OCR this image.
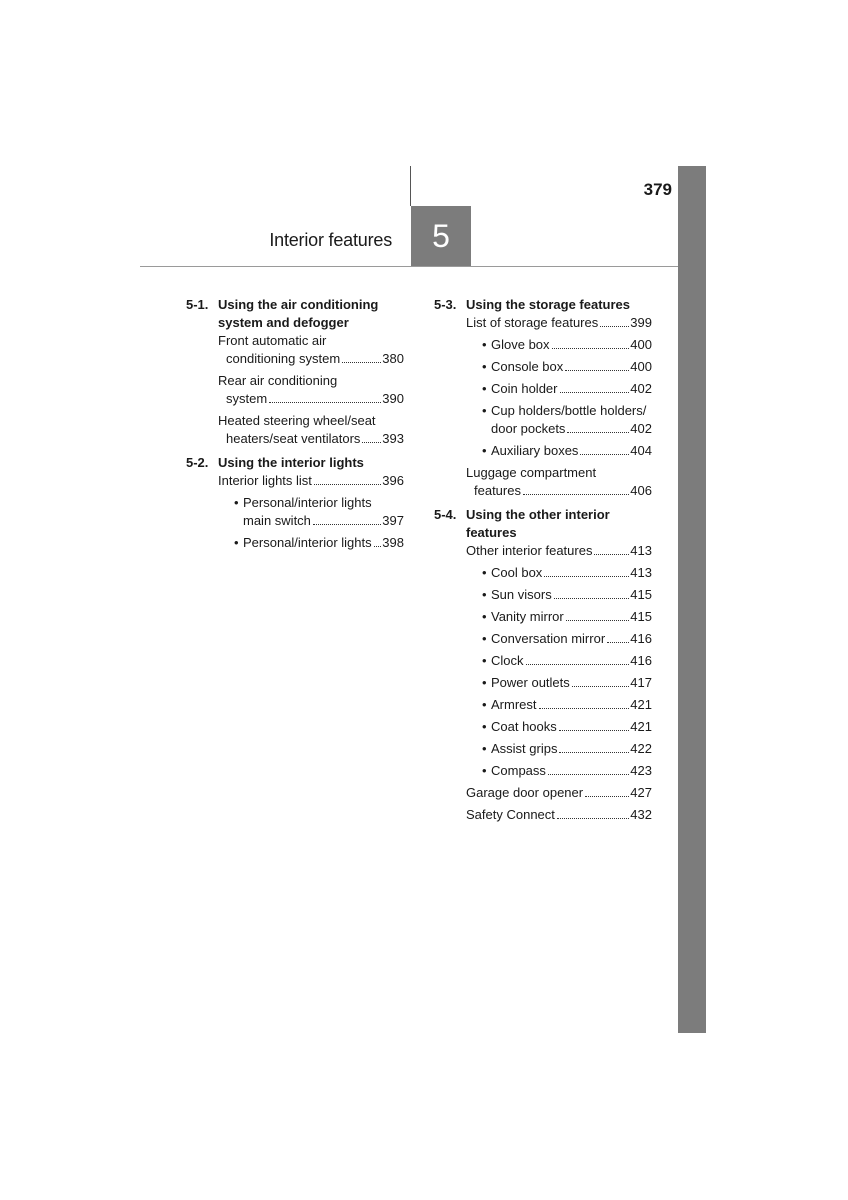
379
5
Interior features
5-1. Using the air conditioning system and defogger
Front automatic air
conditioning system	380
Rear air conditioning
system	390
Heated steering wheel/seat
heaters/seat ventilators 393
5-2. Using the interior lights
Interior lights list	396
• Personal/interior lights
main switch	397
• Personal/interior lights 398
5-3. Using the storage features
List of storage features 399
• Glove box	400
• Console box	400
• Coin holder	402
• Cup holders/bottle holders/
door pockets	402
• Auxiliary boxes	404
Luggage compartment
features	406
5-4. Using the other interior features
Other interior features	413
• Cool box	413
• Sun visors	415
• Vanity mirror	415
• Conversation mirror 416
• Clock	416
• Power outlets	417
• Armrest	421
• Coat hooks	421
• Assist grips	422
• Compass	423
Garage door opener	427
Safety Connect	432
